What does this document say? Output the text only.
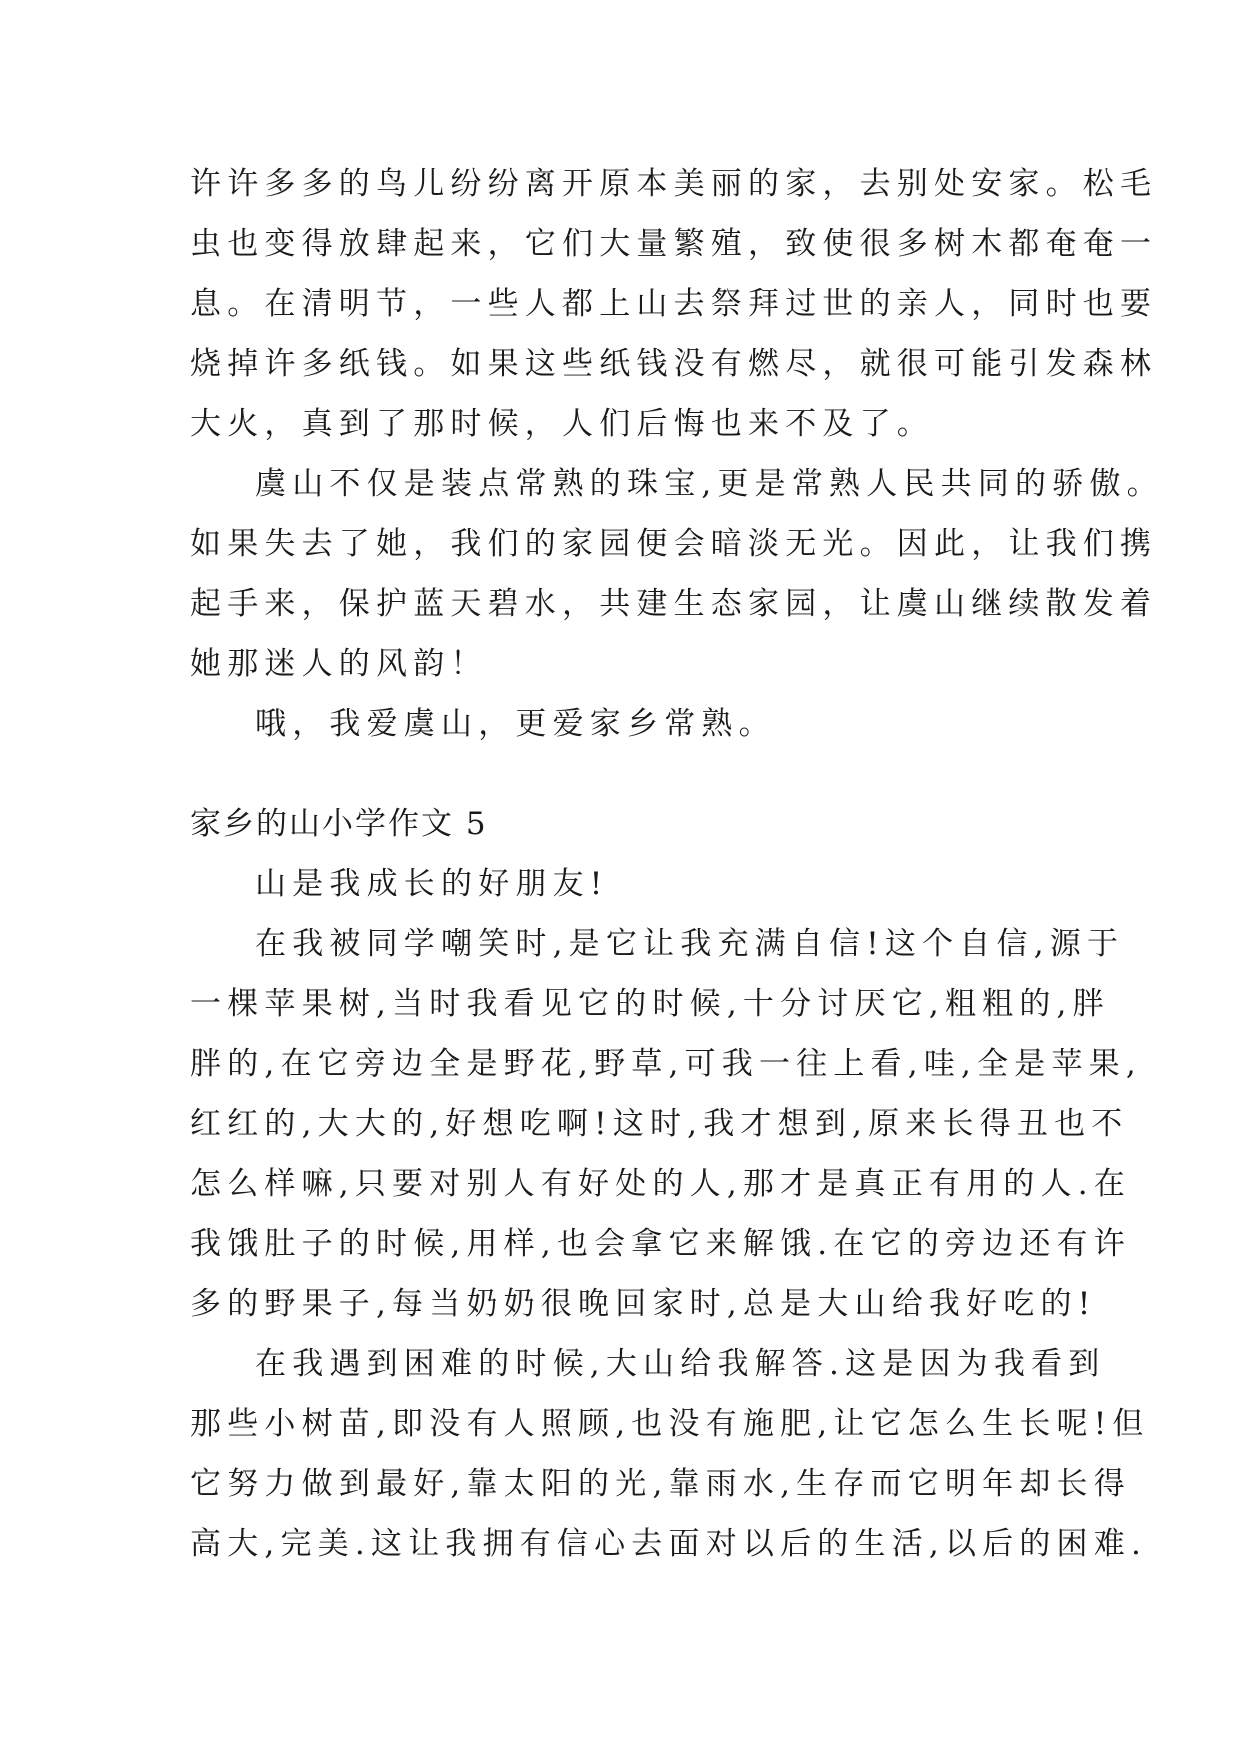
许许多多的鸟儿纷纷离开原本美丽的家，去别处安家。松毛
虫也变得放肆起来，它们大量繁殖，致使很多树木都奄奄一
息。在清明节，一些人都上山去祭拜过世的亲人，同时也要
烧掉许多纸钱。如果这些纸钱没有燃尽，就很可能引发森林
大火，真到了那时候，人们后悔也来不及了。
虞山不仅是装点常熟的珠宝,更是常熟人民共同的骄傲。
如果失去了她，我们的家园便会暗淡无光。因此，让我们携
起手来，保护蓝天碧水，共建生态家园，让虞山继续散发着
她那迷人的风韵！
哦，我爱虞山，更爱家乡常熟。
家乡的山小学作文 5
山是我成长的好朋友!
在我被同学嘲笑时,是它让我充满自信!这个自信,源于
一棵苹果树,当时我看见它的时候,十分讨厌它,粗粗的,胖
胖的,在它旁边全是野花,野草,可我一往上看,哇,全是苹果,
红红的,大大的,好想吃啊!这时,我才想到,原来长得丑也不
怎么样嘛,只要对别人有好处的人,那才是真正有用的人.在
我饿肚子的时候,用样,也会拿它来解饿.在它的旁边还有许
多的野果子,每当奶奶很晚回家时,总是大山给我好吃的!
在我遇到困难的时候,大山给我解答.这是因为我看到
那些小树苗,即没有人照顾,也没有施肥,让它怎么生长呢!但
它努力做到最好,靠太阳的光,靠雨水,生存而它明年却长得
高大,完美.这让我拥有信心去面对以后的生活,以后的困难.
